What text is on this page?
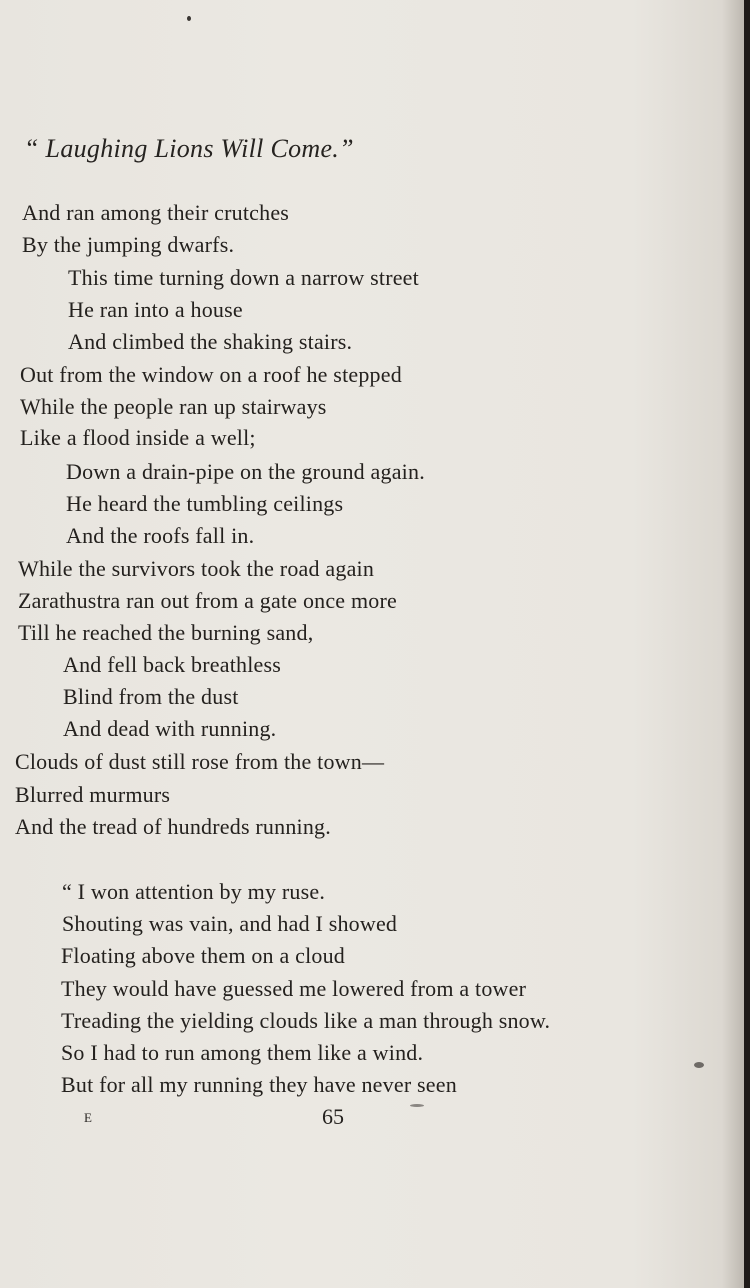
“ Laughing Lions Will Come.”
And ran among their crutches
By the jumping dwarfs.
This time turning down a narrow street
He ran into a house
And climbed the shaking stairs.
Out from the window on a roof he stepped
While the people ran up stairways
Like a flood inside a well;
Down a drain-pipe on the ground again.
He heard the tumbling ceilings
And the roofs fall in.
While the survivors took the road again
Zarathustra ran out from a gate once more
Till he reached the burning sand,
And fell back breathless
Blind from the dust
And dead with running.
Clouds of dust still rose from the town—
Blurred murmurs
And the tread of hundreds running.
“ I won attention by my ruse.
Shouting was vain, and had I showed
Floating above them on a cloud
They would have guessed me lowered from a tower
Treading the yielding clouds like a man through snow.
So I had to run among them like a wind.
But for all my running they have never seen
E	65
